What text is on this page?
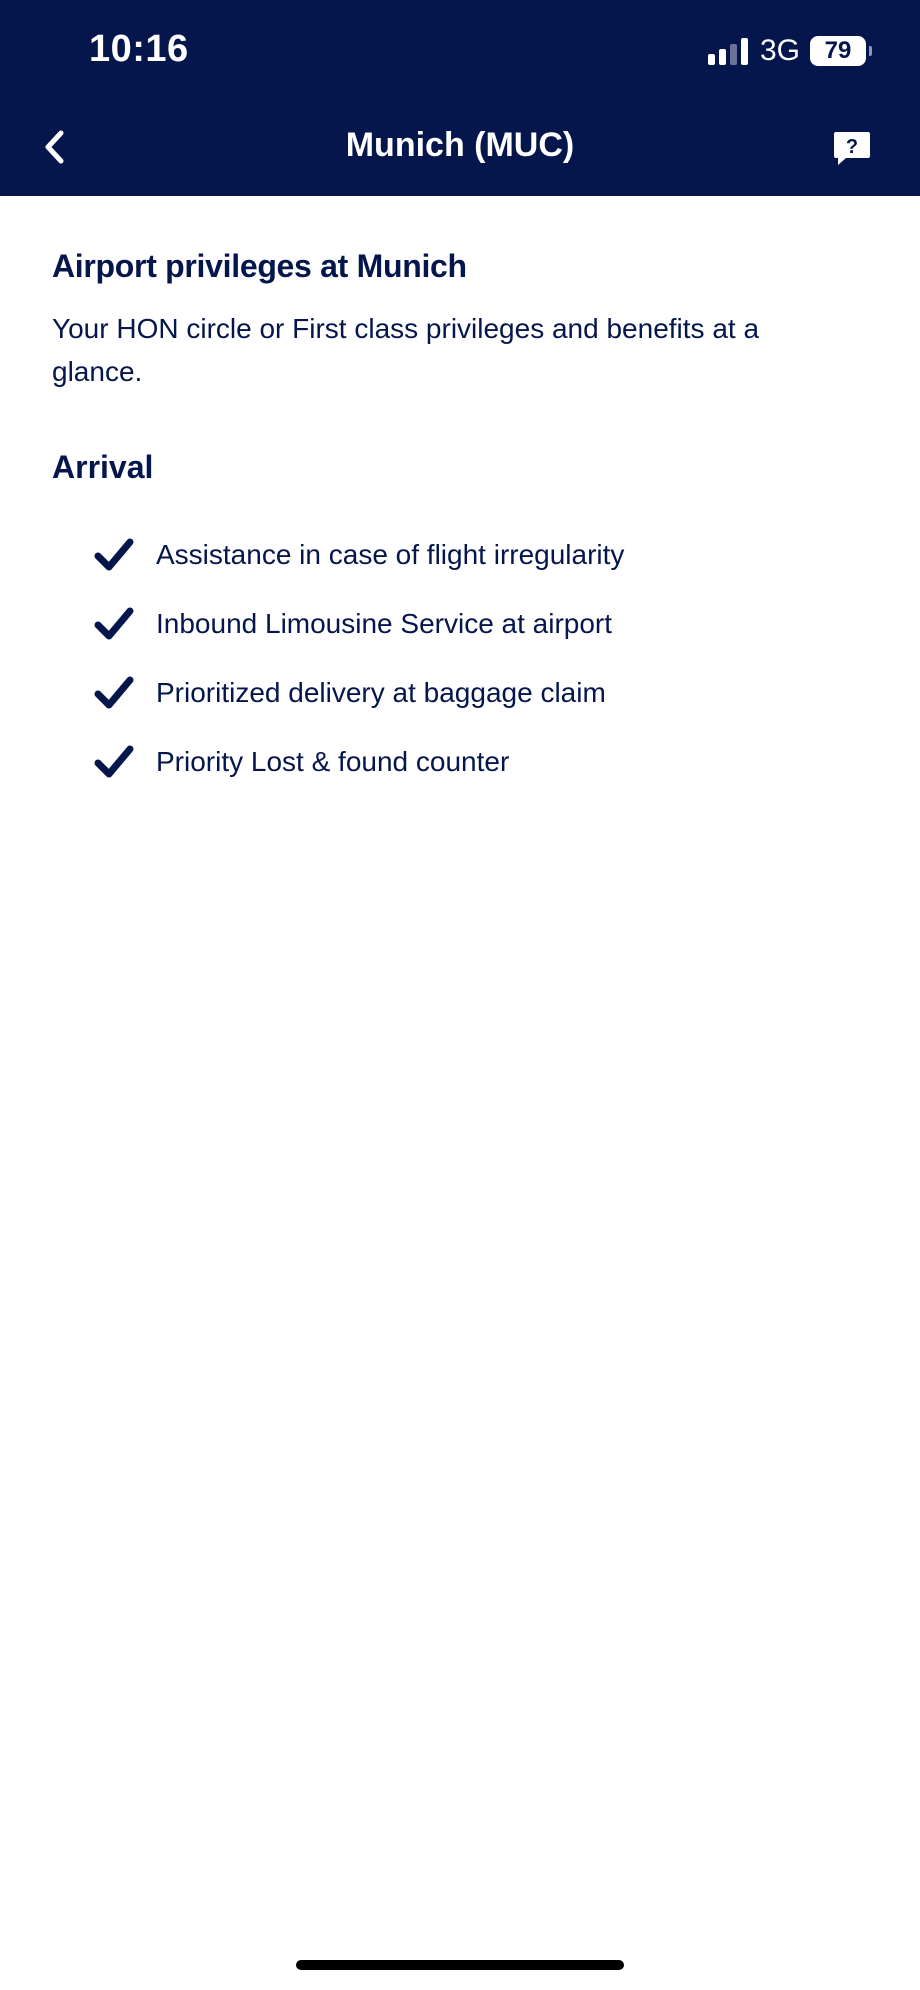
10:16	3G 79
Munich (MUC)	?
Airport privileges at Munich

Your HON circle or First class privileges and benefits at a glance.

Arrival
Assistance in case of flight irregularity
Inbound Limousine Service at airport
Prioritized delivery at baggage claim
Priority Lost & found counter
